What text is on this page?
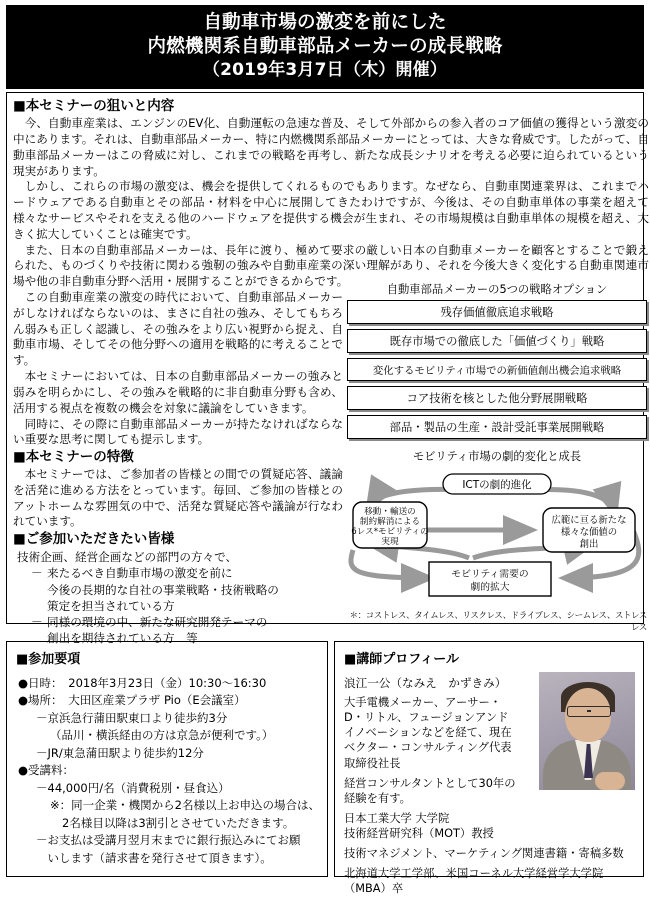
自動車市場の激変を前にした
内燃機関系自動車部品メーカーの成長戦略
（2019年3月7日（木）開催）
■本セミナーの狙いと内容
今、自動車産業は、エンジンのEV化、自動運転の急速な普及、そして外部からの参入者のコア価値の獲得という激変の中にあります。それは、自動車部品メーカー、特に内燃機関系部品メーカーにとっては、大きな脅威です。したがって、自動車部品メーカーはこの脅威に対し、これまでの戦略を再考し、新たな成長シナリオを考える必要に迫られているという現実があります。
しかし、これらの市場の激変は、機会を提供してくれるものでもあります。なぜなら、自動車関連業界は、これまでハードウェアである自動車とその部品・材料を中心に展開してきたわけですが、今後は、その自動車単体の事業を超えて様々なサービスやそれを支える他のハードウェアを提供する機会が生まれ、その市場規模は自動車単体の規模を超え、大きく拡大していくことは確実です。
また、日本の自動車部品メーカーは、長年に渡り、極めて要求の厳しい日本の自動車メーカーを顧客とすることで鍛えられた、ものづくりや技術に関わる強靭の強みや自動車産業の深い理解があり、それを今後大きく変化する自動車関連市場や他の非自動車分野へ活用・展開することができるからです。
この自動車産業の激変の時代において、自動車部品メーカーがしなければならないのは、まさに自社の強み、そしてもちろん弱みも正しく認識し、その強みをより広い視野から捉え、自動車市場、そしてその他分野への適用を戦略的に考えることです。
本セミナーにおいては、日本の自動車部品メーカーの強みと弱みを明らかにし、その強みを戦略的に非自動車分野も含め、活用する視点を複数の機会を対象に議論をしていきます。
同時に、その際に自動車部品メーカーが持たなければならない重要な思考に関しても提示します。
■本セミナーの特徴
本セミナーでは、ご参加者の皆様との間での質疑応答、議論を活発に進める方法をとっています。毎回、ご参加の皆様とのアットホームな雰囲気の中で、活発な質疑応答や議論が行なわれています。
■ご参加いただきたい皆様
技術企画、経営企画などの部門の方々で、
－ 来たるべき自動車市場の激変を前に
今後の長期的な自社の事業戦略・技術戦略の
策定を担当されている方
－ 同様の環境の中、新たな研究開発テーマの
創出を期待されている方　等
自動車部品メーカーの5つの戦略オプション
残存価値徹底追求戦略
既存市場での徹底した「価値づくり」戦略
変化するモビリティ市場での新価値創出機会追求戦略
コア技術を核とした他分野展開戦略
部品・製品の生産・設計受託事業展開戦略
モビリティ市場の劇的変化と成長
ICTの劇的進化
移動・輸送の
制約解消による
6レス*モビリティの
実現
広範に亘る新たな
様々な価値の
創出
モビリティ需要の
劇的拡大
＊：コストレス、タイムレス、リスクレス、ドライブレス、シームレス、ストレスレス
■参加要項
●日時：　2018年3月23日（金）10:30～16:30
●場所：　大田区産業プラザ Pio（E会議室）
－京浜急行蒲田駅東口より徒歩約3分
（品川・横浜経由の方は京急が便利です。）
－JR/東急蒲田駅より徒歩約12分
●受講料：
－44,000円/名（消費税別・昼食込）
※：同一企業・機関から2名様以上お申込の場合は、
2名様目以降は3割引とさせていただきます。
－お支払は受講月翌月末までに銀行振込みにてお願
　いします（請求書を発行させて頂きます）。
■講師プロフィール
浪江一公（なみえ　かずきみ）
大手電機メーカー、アーサー・
D・リトル、フュージョンアンド
イノベーションなどを経て、現在
ベクター・コンサルティング代表
取締役社長
経営コンサルタントとして30年の
経験を有す。
日本工業大学 大学院
技術経営研究科（MOT）教授
技術マネジメント、マーケティング関連書籍・寄稿多数
北海道大学工学部、米国コーネル大学経営学大学院
（MBA）卒
